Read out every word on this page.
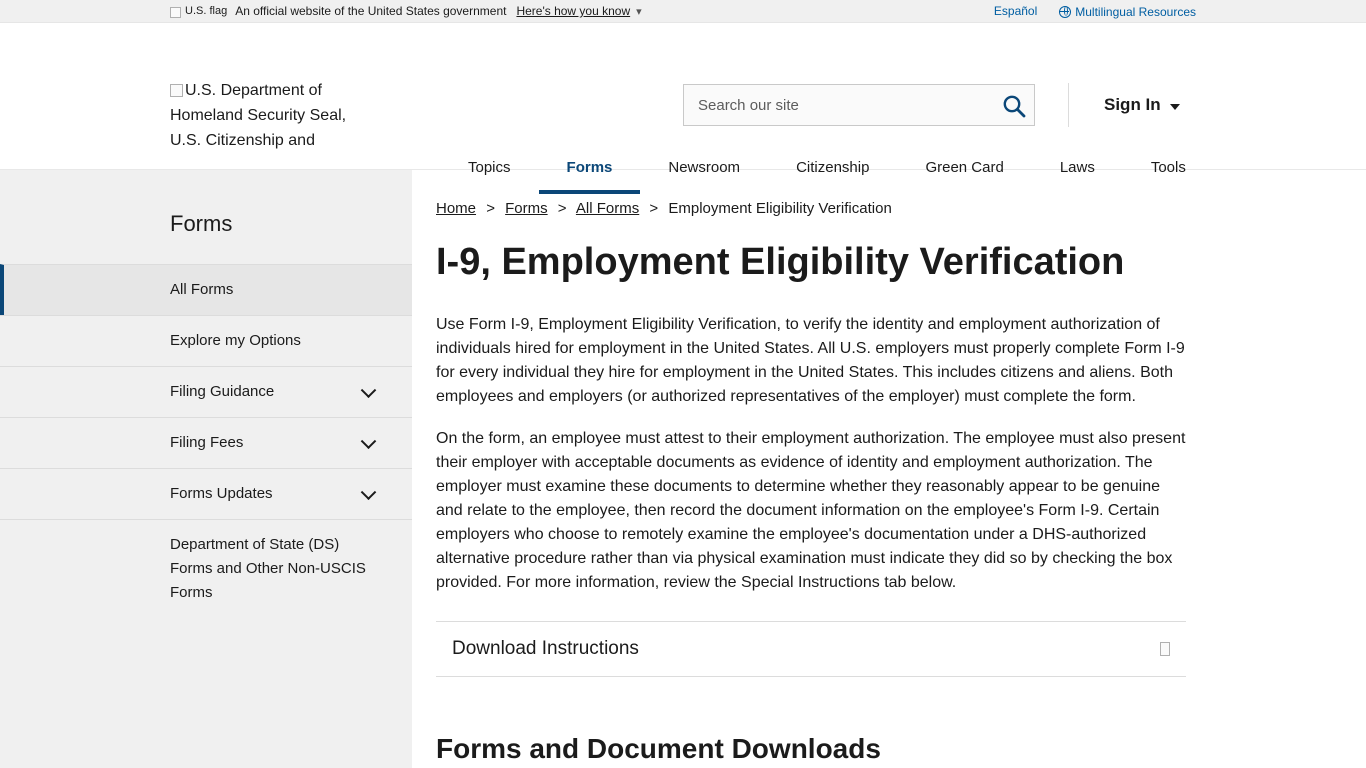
U.S. flag An official website of the United States government Here's how you know ▾	Español	Multilingual Resources
U.S. Department of Homeland Security Seal, U.S. Citizenship and
Search our site
Sign In
Topics	Forms	Newsroom	Citizenship	Green Card	Laws	Tools
Forms
All Forms
Explore my Options
Filing Guidance
Filing Fees
Forms Updates
Department of State (DS) Forms and Other Non-USCIS Forms
Home > Forms > All Forms > Employment Eligibility Verification
I-9, Employment Eligibility Verification

Use Form I-9, Employment Eligibility Verification, to verify the identity and employment authorization of individuals hired for employment in the United States. All U.S. employers must properly complete Form I-9 for every individual they hire for employment in the United States. This includes citizens and aliens. Both employees and employers (or authorized representatives of the employer) must complete the form.

On the form, an employee must attest to their employment authorization. The employee must also present their employer with acceptable documents as evidence of identity and employment authorization. The employer must examine these documents to determine whether they reasonably appear to be genuine and relate to the employee, then record the document information on the employee's Form I-9. Certain employers who choose to remotely examine the employee's documentation under a DHS-authorized alternative procedure rather than via physical examination must indicate they did so by checking the box provided. For more information, review the Special Instructions tab below.

Download Instructions
Forms and Document Downloads
